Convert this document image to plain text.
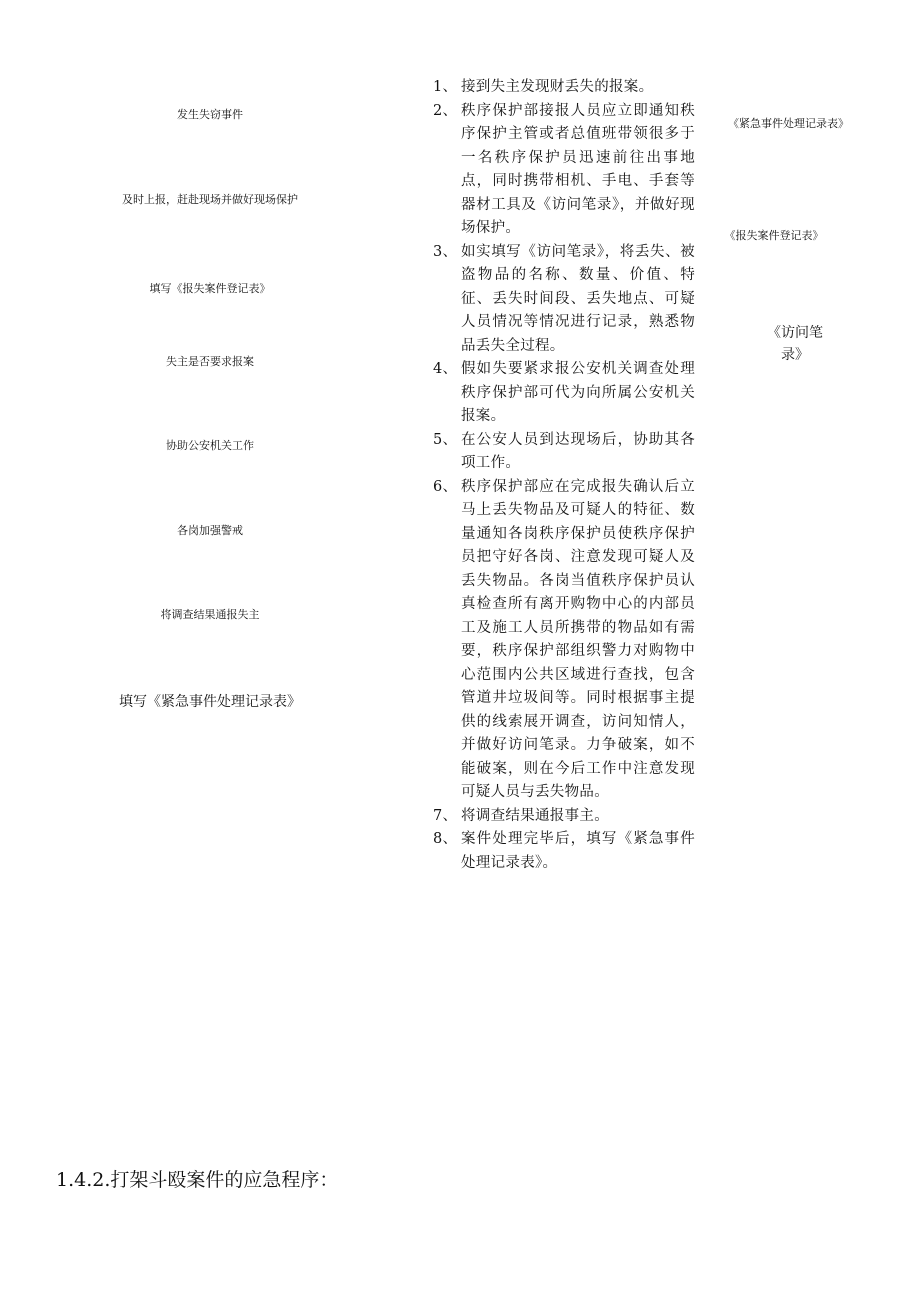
发生失窃事件
及时上报，赶赴现场并做好现场保护
填写《报失案件登记表》
失主是否要求报案
协助公安机关工作
各岗加强警戒
将调查结果通报失主
填写《紧急事件处理记录表》
1、 接到失主发现财丢失的报案。
2、 秩序保护部接报人员应立即通知秩序保护主管或者总值班带领很多于一名秩序保护员迅速前往出事地点，同时携带相机、手电、手套等器材工具及《访问笔录》，并做好现场保护。
3、 如实填写《访问笔录》，将丢失、被盗物品的名称、数量、价值、特征、丢失时间段、丢失地点、可疑人员情况等情况进行记录，熟悉物品丢失全过程。
4、 假如失要紧求报公安机关调查处理秩序保护部可代为向所属公安机关报案。
5、 在公安人员到达现场后，协助其各项工作。
6、 秩序保护部应在完成报失确认后立马上丢失物品及可疑人的特征、数量通知各岗秩序保护员使秩序保护员把守好各岗、注意发现可疑人及丢失物品。各岗当值秩序保护员认真检查所有离开购物中心的内部员工及施工人员所携带的物品如有需要，秩序保护部组织警力对购物中心范围内公共区域进行查找，包含管道井垃圾间等。同时根据事主提供的线索展开调查，访问知情人，并做好访问笔录。力争破案，如不能破案，则在今后工作中注意发现可疑人员与丢失物品。
7、 将调查结果通报事主。
8、 案件处理完毕后，填写《紧急事件处理记录表》。
《紧急事件处理记录表》
《报失案件登记表》
《访问笔录》
1.4.2.打架斗殴案件的应急程序：
